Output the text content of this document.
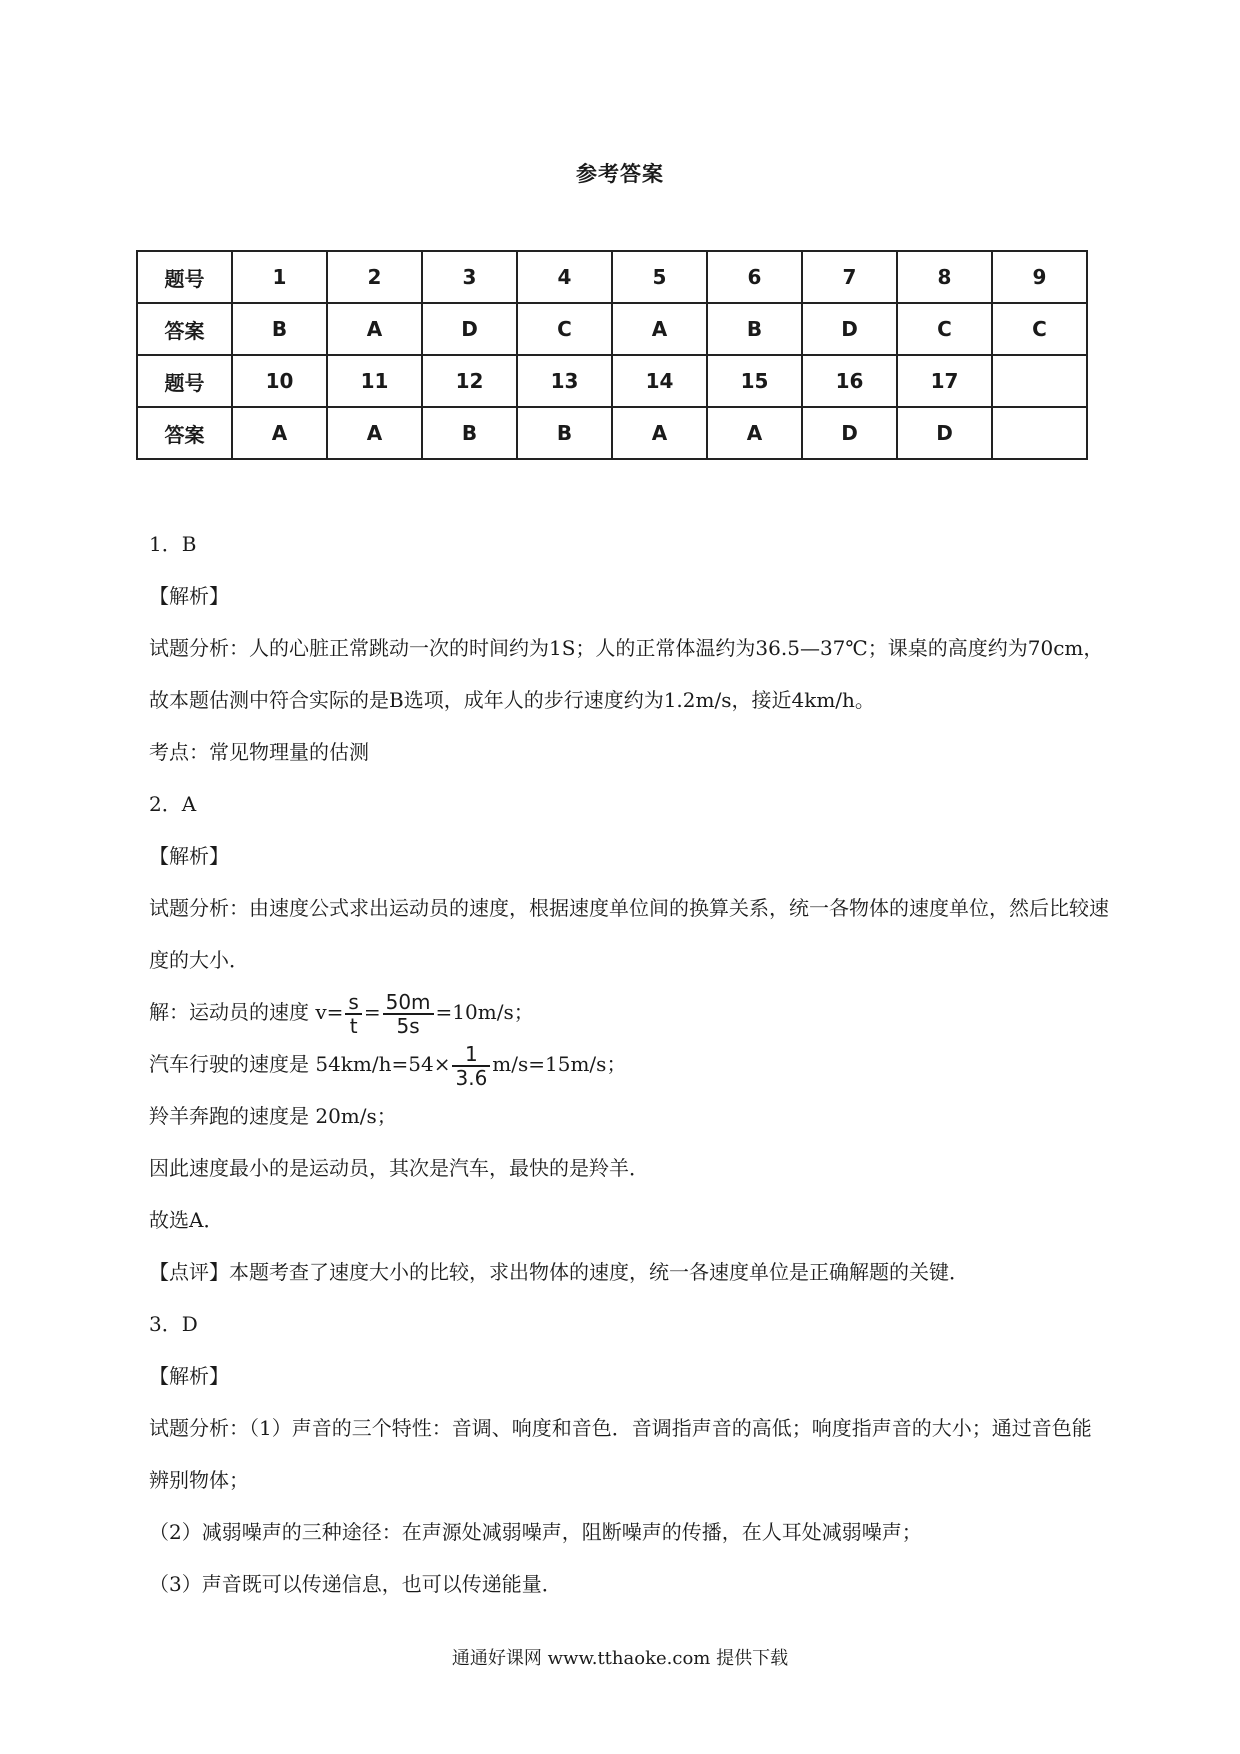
参考答案
题号	1	2	3	4	5	6	7	8	9
答案	B	A	D	C	A	B	D	C	C
题号	10	11	12	13	14	15	16	17	
答案	A	A	B	B	A	A	D	D	

1．B

【解析】

试题分析：人的心脏正常跳动一次的时间约为1S；人的正常体温约为36.5—37℃；课桌的高度约为70cm，故本题估测中符合实际的是B选项，成年人的步行速度约为1.2m/s，接近4km/h。

考点：常见物理量的估测

2．A

【解析】

试题分析：由速度公式求出运动员的速度，根据速度单位间的换算关系，统一各物体的速度单位，然后比较速度的大小．

解：运动员的速度 $v= \frac{s}{t} = \frac{50m}{5s} =10m/s$；

汽车行驶的速度是 $54km/h=54\times \frac{1}{3.6} m/s=15m/s$；

羚羊奔跑的速度是 20m/s；

因此速度最小的是运动员，其次是汽车，最快的是羚羊．

故选A．

【点评】本题考查了速度大小的比较，求出物体的速度，统一各速度单位是正确解题的关键．

3．D

【解析】

试题分析：（1）声音的三个特性：音调、响度和音色．音调指声音的高低；响度指声音的大小；通过音色能辨别物体；

（2）减弱噪声的三种途径：在声源处减弱噪声，阻断噪声的传播，在人耳处减弱噪声；

（3）声音既可以传递信息，也可以传递能量．

通通好课网 www.tthaoke.com 提供下载
